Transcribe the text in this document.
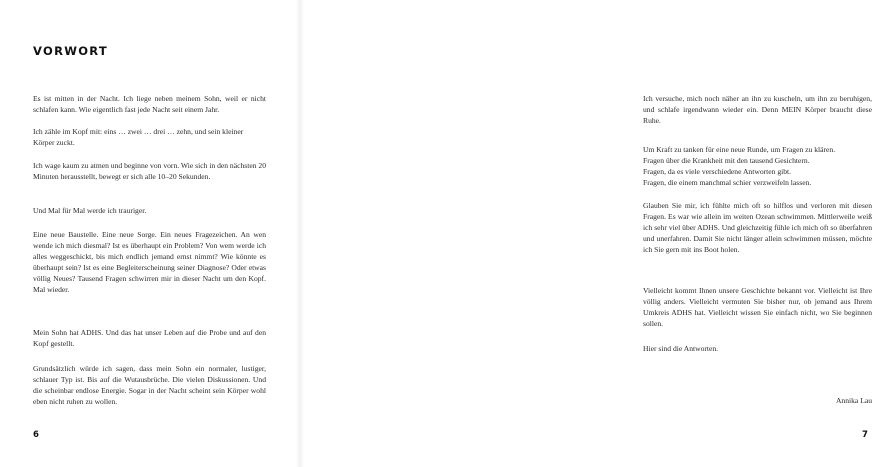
VORWORT

Es ist mitten in der Nacht. Ich liege neben meinem Sohn, weil er nicht schlafen kann. Wie eigentlich fast jede Nacht seit einem Jahr.

Ich zähle im Kopf mit: eins … zwei … drei … zehn, und sein kleiner Körper zuckt.

Ich wage kaum zu atmen und beginne von vorn. Wie sich in den nächsten 20 Minuten herausstellt, bewegt er sich alle 10–20 Sekunden.

Und Mal für Mal werde ich trauriger.

Eine neue Baustelle. Eine neue Sorge. Ein neues Fragezeichen. An wen wende ich mich diesmal? Ist es überhaupt ein Problem? Von wem werde ich alles weggeschickt, bis mich endlich jemand ernst nimmt? Wie könnte es überhaupt sein? Ist es eine Begleiterscheinung seiner Diagnose? Oder etwas völlig Neues? Tausend Fragen schwirren mir in dieser Nacht um den Kopf. Mal wieder.

Mein Sohn hat ADHS. Und das hat unser Leben auf die Probe und auf den Kopf gestellt.

Grundsätzlich würde ich sagen, dass mein Sohn ein normaler, lustiger, schlauer Typ ist. Bis auf die Wutausbrüche. Die vielen Diskussionen. Und die scheinbar endlose Energie. Sogar in der Nacht scheint sein Körper wohl eben nicht ruhen zu wollen.

6

Ich versuche, mich noch näher an ihn zu kuscheln, um ihn zu beruhigen, und schlafe irgendwann wieder ein. Denn MEIN Körper braucht diese Ruhe.

Um Kraft zu tanken für eine neue Runde, um Fragen zu klären.
Fragen über die Krankheit mit den tausend Gesichtern.
Fragen, da es viele verschiedene Antworten gibt.
Fragen, die einem manchmal schier verzweifeln lassen.

Glauben Sie mir, ich fühlte mich oft so hilflos und verloren mit diesen Fragen. Es war wie allein im weiten Ozean schwimmen. Mittlerweile weiß ich sehr viel über ADHS. Und gleichzeitig fühle ich mich oft so überfahren und unerfahren. Damit Sie nicht länger allein schwimmen müssen, möchte ich Sie gern mit ins Boot holen.

Vielleicht kommt Ihnen unsere Geschichte bekannt vor. Vielleicht ist Ihre völlig anders. Vielleicht vermuten Sie bisher nur, ob jemand aus Ihrem Umkreis ADHS hat. Vielleicht wissen Sie einfach nicht, wo Sie beginnen sollen.

Hier sind die Antworten.

Annika Lau
7
